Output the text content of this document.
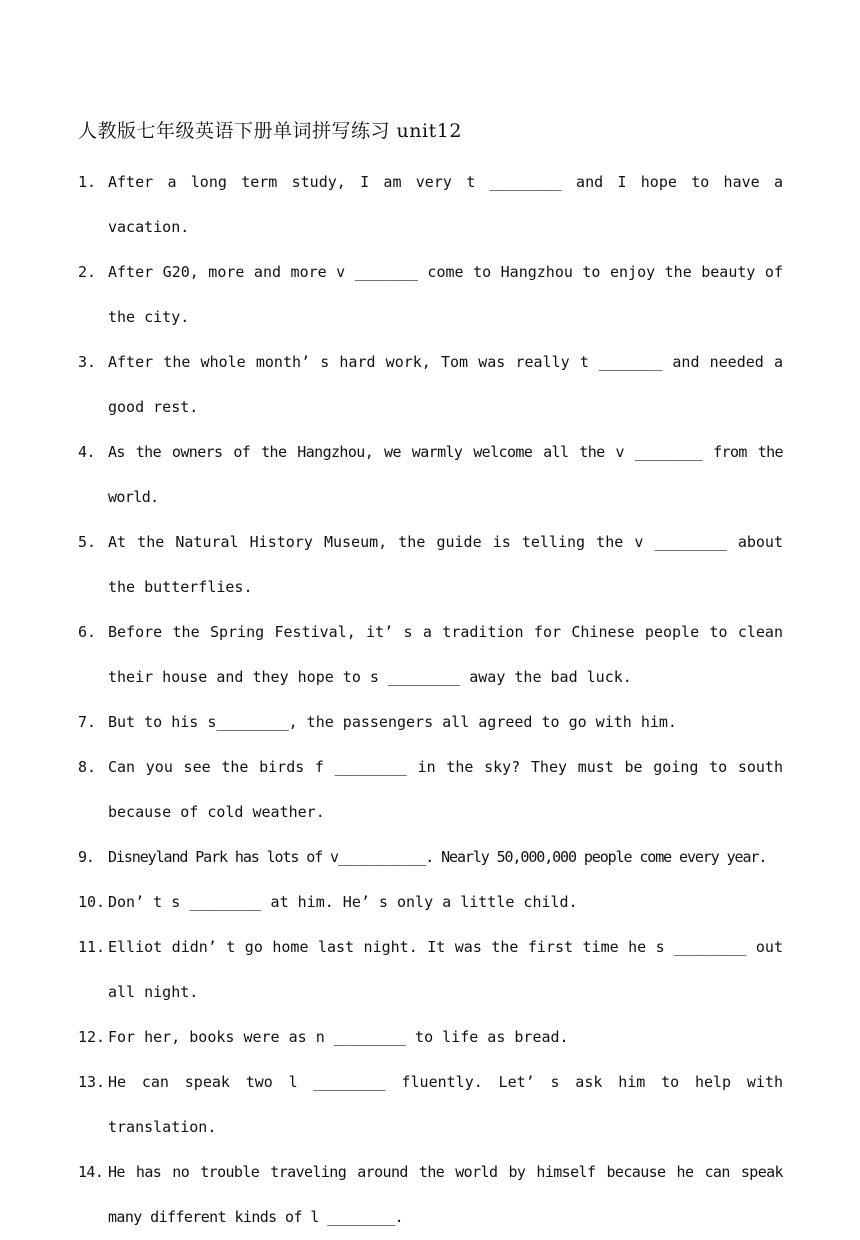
人教版七年级英语下册单词拼写练习 unit12
1. After a long term study, I am very t ________ and I hope to have a vacation.
2. After G20, more and more v _______ come to Hangzhou to enjoy the beauty of the city.
3. After the whole month’ s hard work, Tom was really t _______ and needed a good rest.
4. As the owners of the Hangzhou, we warmly welcome all the v ________ from the world.
5. At the Natural History Museum, the guide is telling the v ________ about the butterflies.
6. Before the Spring Festival, it’ s a tradition for Chinese people to clean their house and they hope to s ________ away the bad luck.
7. But to his s________, the passengers all agreed to go with him.
8. Can you see the birds f ________ in the sky? They must be going to south because of cold weather.
9. Disneyland Park has lots of v___________. Nearly 50,000,000 people come every year.
10. Don’ t s ________ at him. He’ s only a little child.
11. Elliot didn’ t go home last night. It was the first time he s ________ out all night.
12. For her, books were as n ________ to life as bread.
13. He can speak two l ________ fluently. Let’ s ask him to help with translation.
14. He has no trouble traveling around the world by himself because he can speak many different kinds of l ________.
